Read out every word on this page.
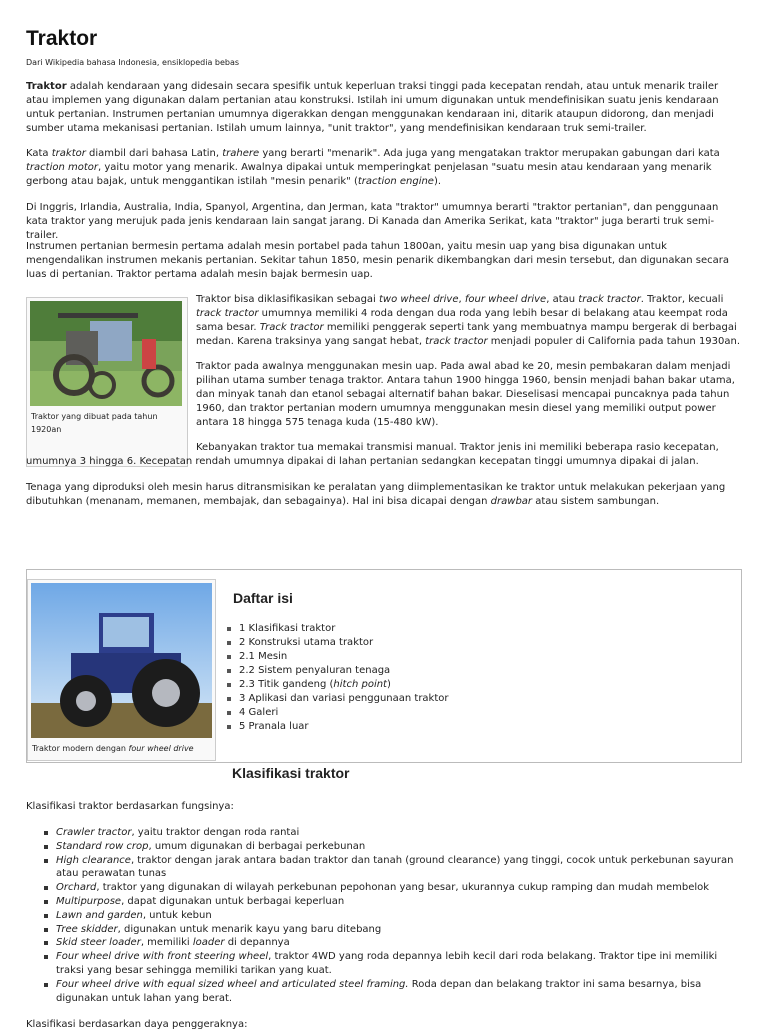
Traktor
Dari Wikipedia bahasa Indonesia, ensiklopedia bebas

Traktor adalah kendaraan yang didesain secara spesifik untuk keperluan traksi tinggi pada kecepatan rendah, atau untuk menarik trailer atau implemen yang digunakan dalam pertanian atau konstruksi. Istilah ini umum digunakan untuk mendefinisikan suatu jenis kendaraan untuk pertanian. Instrumen pertanian umumnya digerakkan dengan menggunakan kendaraan ini, ditarik ataupun didorong, dan menjadi sumber utama mekanisasi pertanian. Istilah umum lainnya, "unit traktor", yang mendefinisikan kendaraan truk semi-trailer.

Kata traktor diambil dari bahasa Latin, trahere yang berarti "menarik". Ada juga yang mengatakan traktor merupakan gabungan dari kata traction motor, yaitu motor yang menarik. Awalnya dipakai untuk memperingkat penjelasan "suatu mesin atau kendaraan yang menarik gerbong atau bajak, untuk menggantikan istilah "mesin penarik" (traction engine).

Di Inggris, Irlandia, Australia, India, Spanyol, Argentina, dan Jerman, kata "traktor" umumnya berarti "traktor pertanian", dan penggunaan kata traktor yang merujuk pada jenis kendaraan lain sangat jarang. Di Kanada dan Amerika Serikat, kata "traktor" juga berarti truk semi-trailer.

Instrumen pertanian bermesin pertama adalah mesin portabel pada tahun 1800an, yaitu mesin uap yang bisa digunakan untuk mengendalikan instrumen mekanis pertanian. Sekitar tahun 1850, mesin penarik dikembangkan dari mesin tersebut, dan digunakan secara luas di pertanian. Traktor pertama adalah mesin bajak bermesin uap.

Traktor yang dibuat pada tahun 1920an

Traktor bisa diklasifikasikan sebagai two wheel drive, four wheel drive, atau track tractor. Traktor, kecuali track tractor umumnya memiliki 4 roda dengan dua roda yang lebih besar di belakang atau keempat roda sama besar. Track tractor memiliki penggerak seperti tank yang membuatnya mampu bergerak di berbagai medan. Karena traksinya yang sangat hebat, track tractor menjadi populer di California pada tahun 1930an.

Traktor pada awalnya menggunakan mesin uap. Pada awal abad ke 20, mesin pembakaran dalam menjadi pilihan utama sumber tenaga traktor. Antara tahun 1900 hingga 1960, bensin menjadi bahan bakar utama, dan minyak tanah dan etanol sebagai alternatif bahan bakar. Dieselisasi mencapai puncaknya pada tahun 1960, dan traktor pertanian modern umumnya menggunakan mesin diesel yang memiliki output power antara 18 hingga 575 tenaga kuda (15-480 kW).

Kebanyakan traktor tua memakai transmisi manual. Traktor jenis ini memiliki beberapa rasio kecepatan, umumnya 3 hingga 6. Kecepatan rendah umumnya dipakai di lahan pertanian sedangkan kecepatan tinggi umumnya dipakai di jalan.

Tenaga yang diproduksi oleh mesin harus ditransmisikan ke peralatan yang diimplementasikan ke traktor untuk melakukan pekerjaan yang dibutuhkan (menanam, memanen, membajak, dan sebagainya). Hal ini bisa dicapai dengan drawbar atau sistem sambungan.

Traktor modern dengan four wheel drive
Daftar isi
1 Klasifikasi traktor
2 Konstruksi utama traktor
2.1 Mesin
2.2 Sistem penyaluran tenaga
2.3 Titik gandeng (hitch point)
3 Aplikasi dan variasi penggunaan traktor
4 Galeri
5 Pranala luar
Klasifikasi traktor

Klasifikasi traktor berdasarkan fungsinya:

Crawler tractor, yaitu traktor dengan roda rantai
Standard row crop, umum digunakan di berbagai perkebunan
High clearance, traktor dengan jarak antara badan traktor dan tanah (ground clearance) yang tinggi, cocok untuk perkebunan sayuran atau perawatan tunas
Orchard, traktor yang digunakan di wilayah perkebunan pepohonan yang besar, ukurannya cukup ramping dan mudah membelok
Multipurpose, dapat digunakan untuk berbagai keperluan
Lawn and garden, untuk kebun
Tree skidder, digunakan untuk menarik kayu yang baru ditebang
Skid steer loader, memiliki loader di depannya
Four wheel drive with front steering wheel, traktor 4WD yang roda depannya lebih kecil dari roda belakang. Traktor tipe ini memiliki traksi yang besar sehingga memiliki tarikan yang kuat.
Four wheel drive with equal sized wheel and articulated steel framing. Roda depan dan belakang traktor ini sama besarnya, bisa digunakan untuk lahan yang berat.

Klasifikasi berdasarkan daya penggeraknya:
